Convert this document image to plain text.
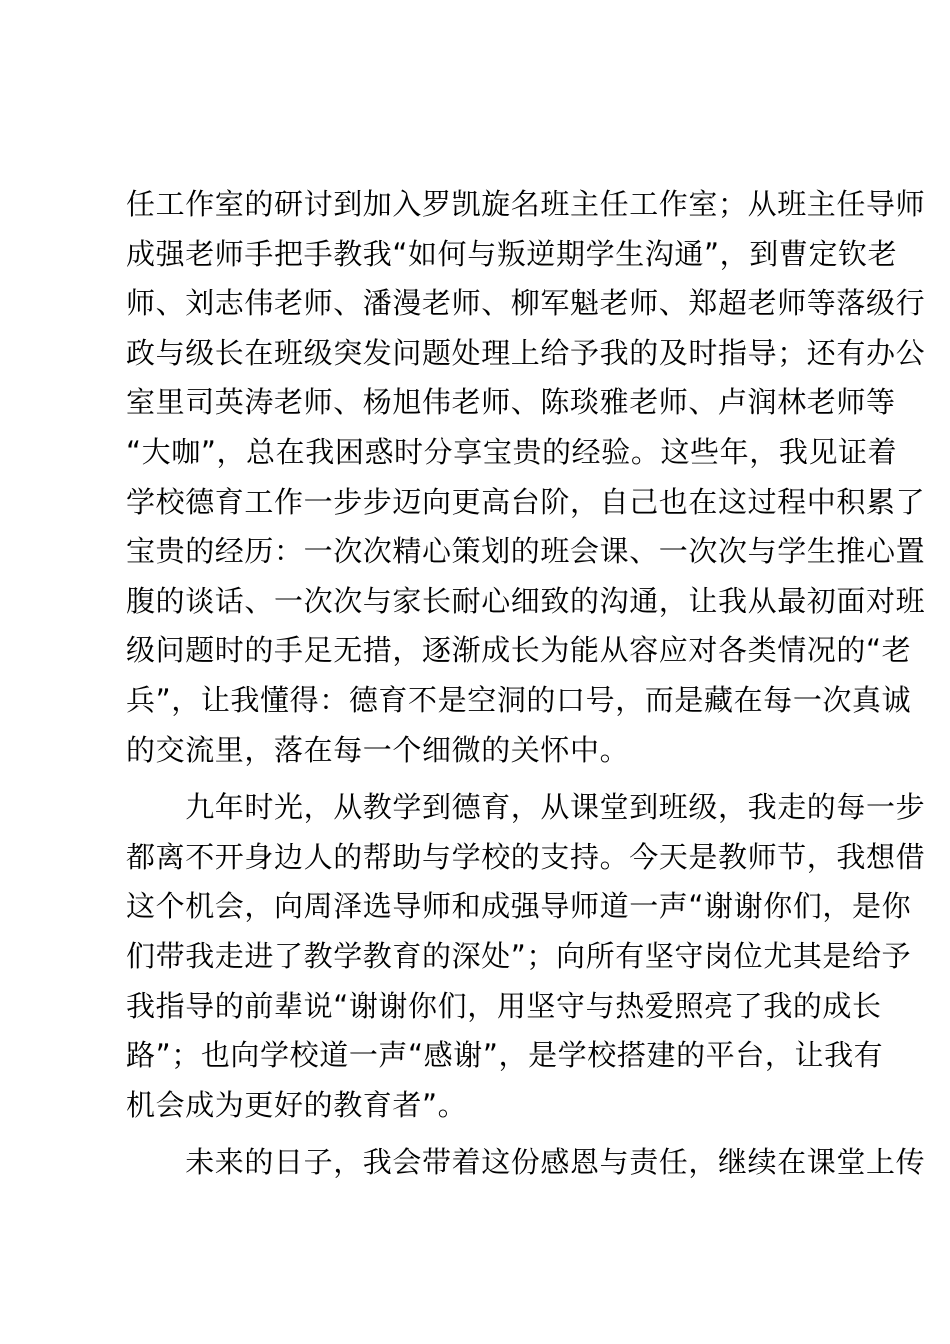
任工作室的研讨到加入罗凯旋名班主任工作室；从班主任导师
成强老师手把手教我“如何与叛逆期学生沟通”，到曹定钦老
师、刘志伟老师、潘漫老师、柳军魁老师、郑超老师等落级行
政与级长在班级突发问题处理上给予我的及时指导；还有办公
室里司英涛老师、杨旭伟老师、陈琰雅老师、卢润林老师等
“大咖”，总在我困惑时分享宝贵的经验。这些年，我见证着
学校德育工作一步步迈向更高台阶，自己也在这过程中积累了
宝贵的经历：一次次精心策划的班会课、一次次与学生推心置
腹的谈话、一次次与家长耐心细致的沟通，让我从最初面对班
级问题时的手足无措，逐渐成长为能从容应对各类情况的“老
兵”，让我懂得：德育不是空洞的口号，而是藏在每一次真诚
的交流里，落在每一个细微的关怀中。
　　九年时光，从教学到德育，从课堂到班级，我走的每一步
都离不开身边人的帮助与学校的支持。今天是教师节，我想借
这个机会，向周泽选导师和成强导师道一声“谢谢你们，是你
们带我走进了教学教育的深处”；向所有坚守岗位尤其是给予
我指导的前辈说“谢谢你们，用坚守与热爱照亮了我的成长
路”；也向学校道一声“感谢”，是学校搭建的平台，让我有
机会成为更好的教育者”。
　　未来的日子，我会带着这份感恩与责任，继续在课堂上传
